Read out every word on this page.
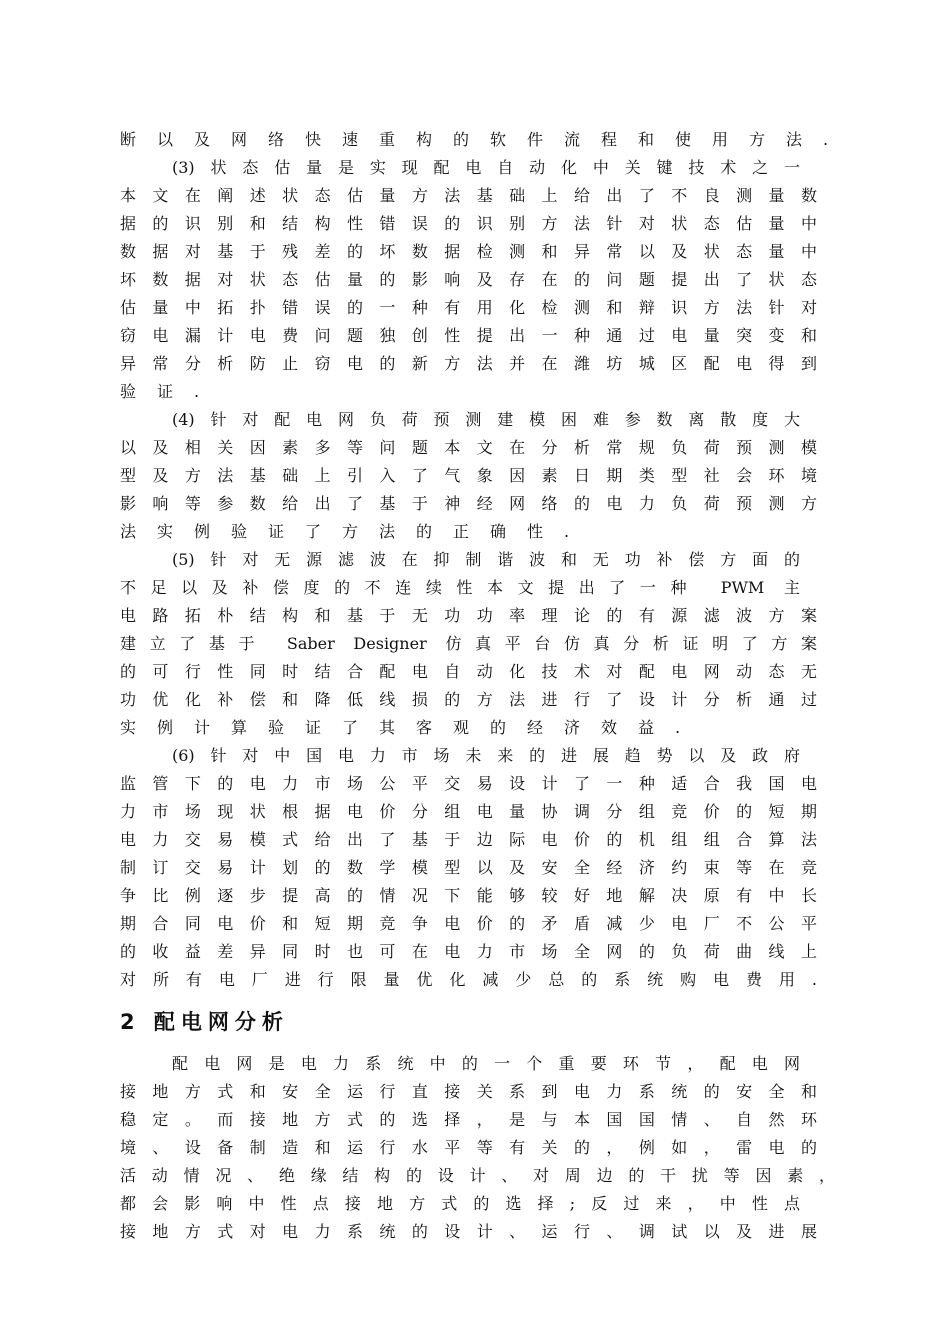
断以及网络快速重构的软件流程和使用方法.
(3)状态估量是实现配电自动化中关键技术之一
本文在阐述状态估量方法基础上给出了不良测量数
据的识别和结构性错误的识别方法针对状态估量中
数据对基于残差的坏数据检测和异常以及状态量中
坏数据对状态估量的影响及存在的问题提出了状态
估量中拓扑错误的一种有用化检测和辩识方法针对
窃电漏计电费问题独创性提出一种通过电量突变和
异常分析防止窃电的新方法并在潍坊城区配电得到
验证.
(4)针对配电网负荷预测建模困难参数离散度大
以及相关因素多等问题本文在分析常规负荷预测模
型及方法基础上引入了气象因素日期类型社会环境
影响等参数给出了基于神经网络的电力负荷预测方
法实例验证了方法的正确性.
(5)针对无源滤波在抑制谐波和无功补偿方面的
不足以及补偿度的不连续性本文提出了一种 PWM 主
电路拓朴结构和基于无功功率理论的有源滤波方案
建立了基于 Saber Designer 仿真平台仿真分析证明了方案
的可行性同时结合配电自动化技术对配电网动态无
功优化补偿和降低线损的方法进行了设计分析通过
实例计算验证了其客观的经济效益.
(6)针对中国电力市场未来的进展趋势以及政府
监管下的电力市场公平交易设计了一种适合我国电
力市场现状根据电价分组电量协调分组竞价的短期
电力交易模式给出了基于边际电价的机组组合算法
制订交易计划的数学模型以及安全经济约束等在竞
争比例逐步提高的情况下能够较好地解决原有中长
期合同电价和短期竞争电价的矛盾减少电厂不公平
的收益差异同时也可在电力市场全网的负荷曲线上
对所有电厂进行限量优化减少总的系统购电费用.
2 配电网分析
配电网是电力系统中的一个重要环节，配电网
接地方式和安全运行直接关系到电力系统的安全和
稳定。而接地方式的选择，是与本国国情、自然环
境、设备制造和运行水平等有关的，例如，雷电的
活动情况、绝缘结构的设计、对周边的干扰等因素，
都会影响中性点接地方式的选择;反过来，中性点
接地方式对电力系统的设计、运行、调试以及进展
